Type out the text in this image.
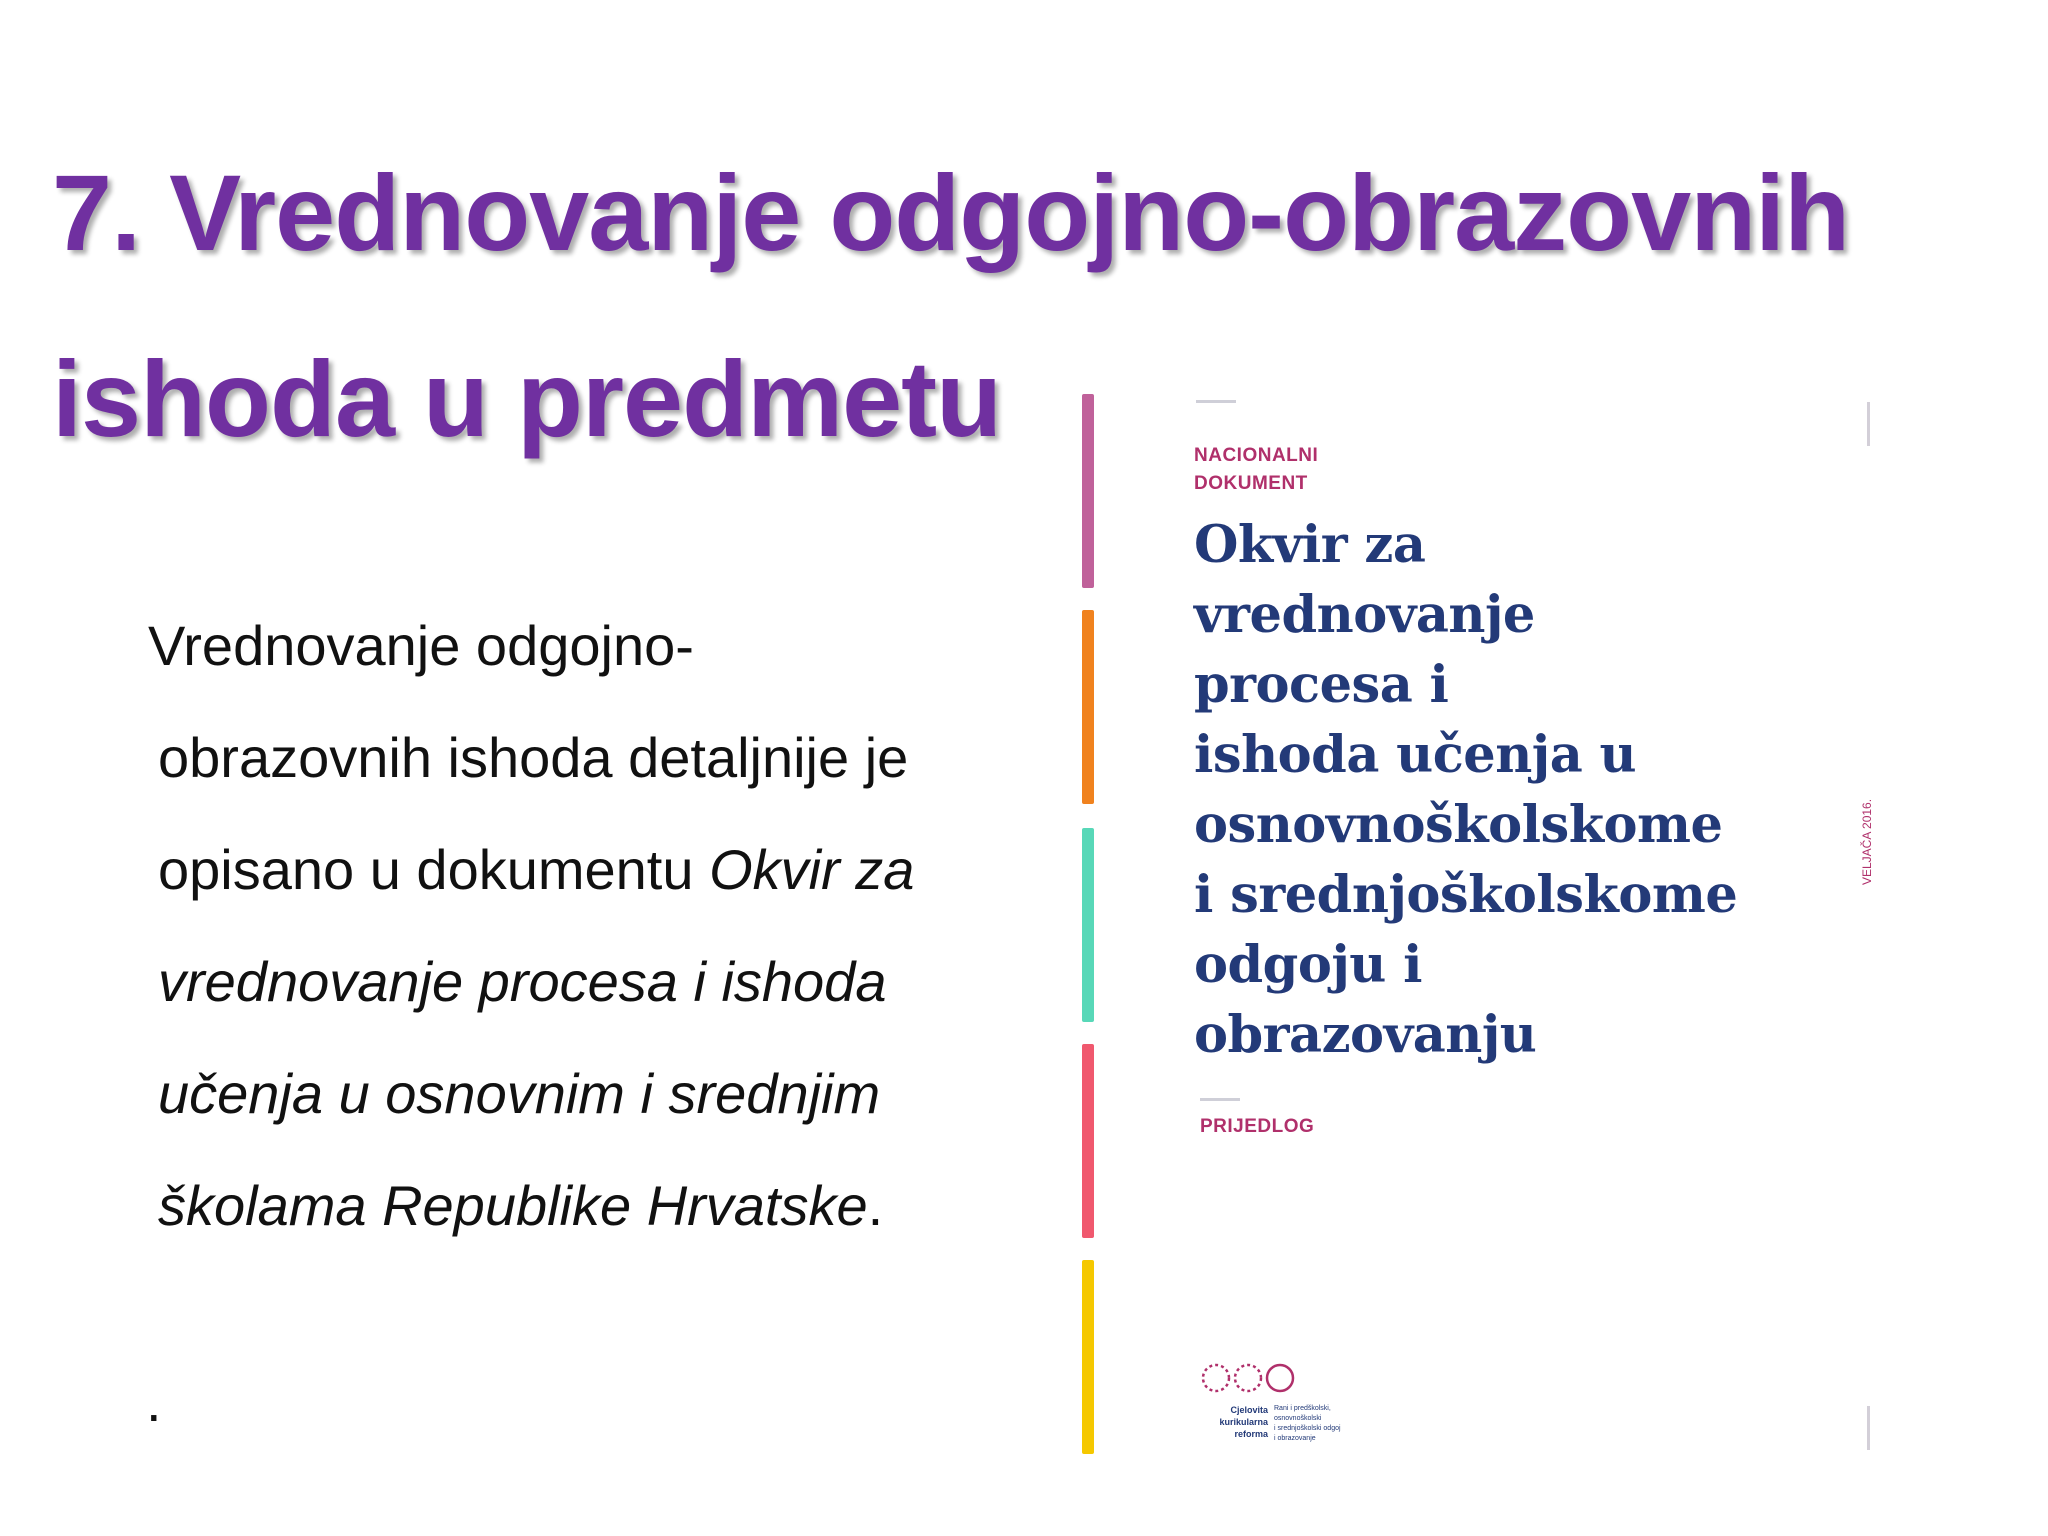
7. Vrednovanje odgojno-obrazovnih
ishoda u predmetu
Vrednovanje odgojno-
obrazovnih ishoda detaljnije je
opisano u dokumentu Okvir za
vrednovanje procesa i ishoda
učenja u osnovnim i srednjim
školama Republike Hrvatske.
.
NACIONALNI
DOKUMENT
Okvir za
vrednovanje
procesa i
ishoda učenja u
osnovnoškolskome
i srednjoškolskome
odgoju i
obrazovanju
PRIJEDLOG
VELJAČA 2016.
Cjelovita
kurikularna
reforma
Rani i predškolski,
osnovnoškolski
i srednjoškolski odgoj
i obrazovanje
